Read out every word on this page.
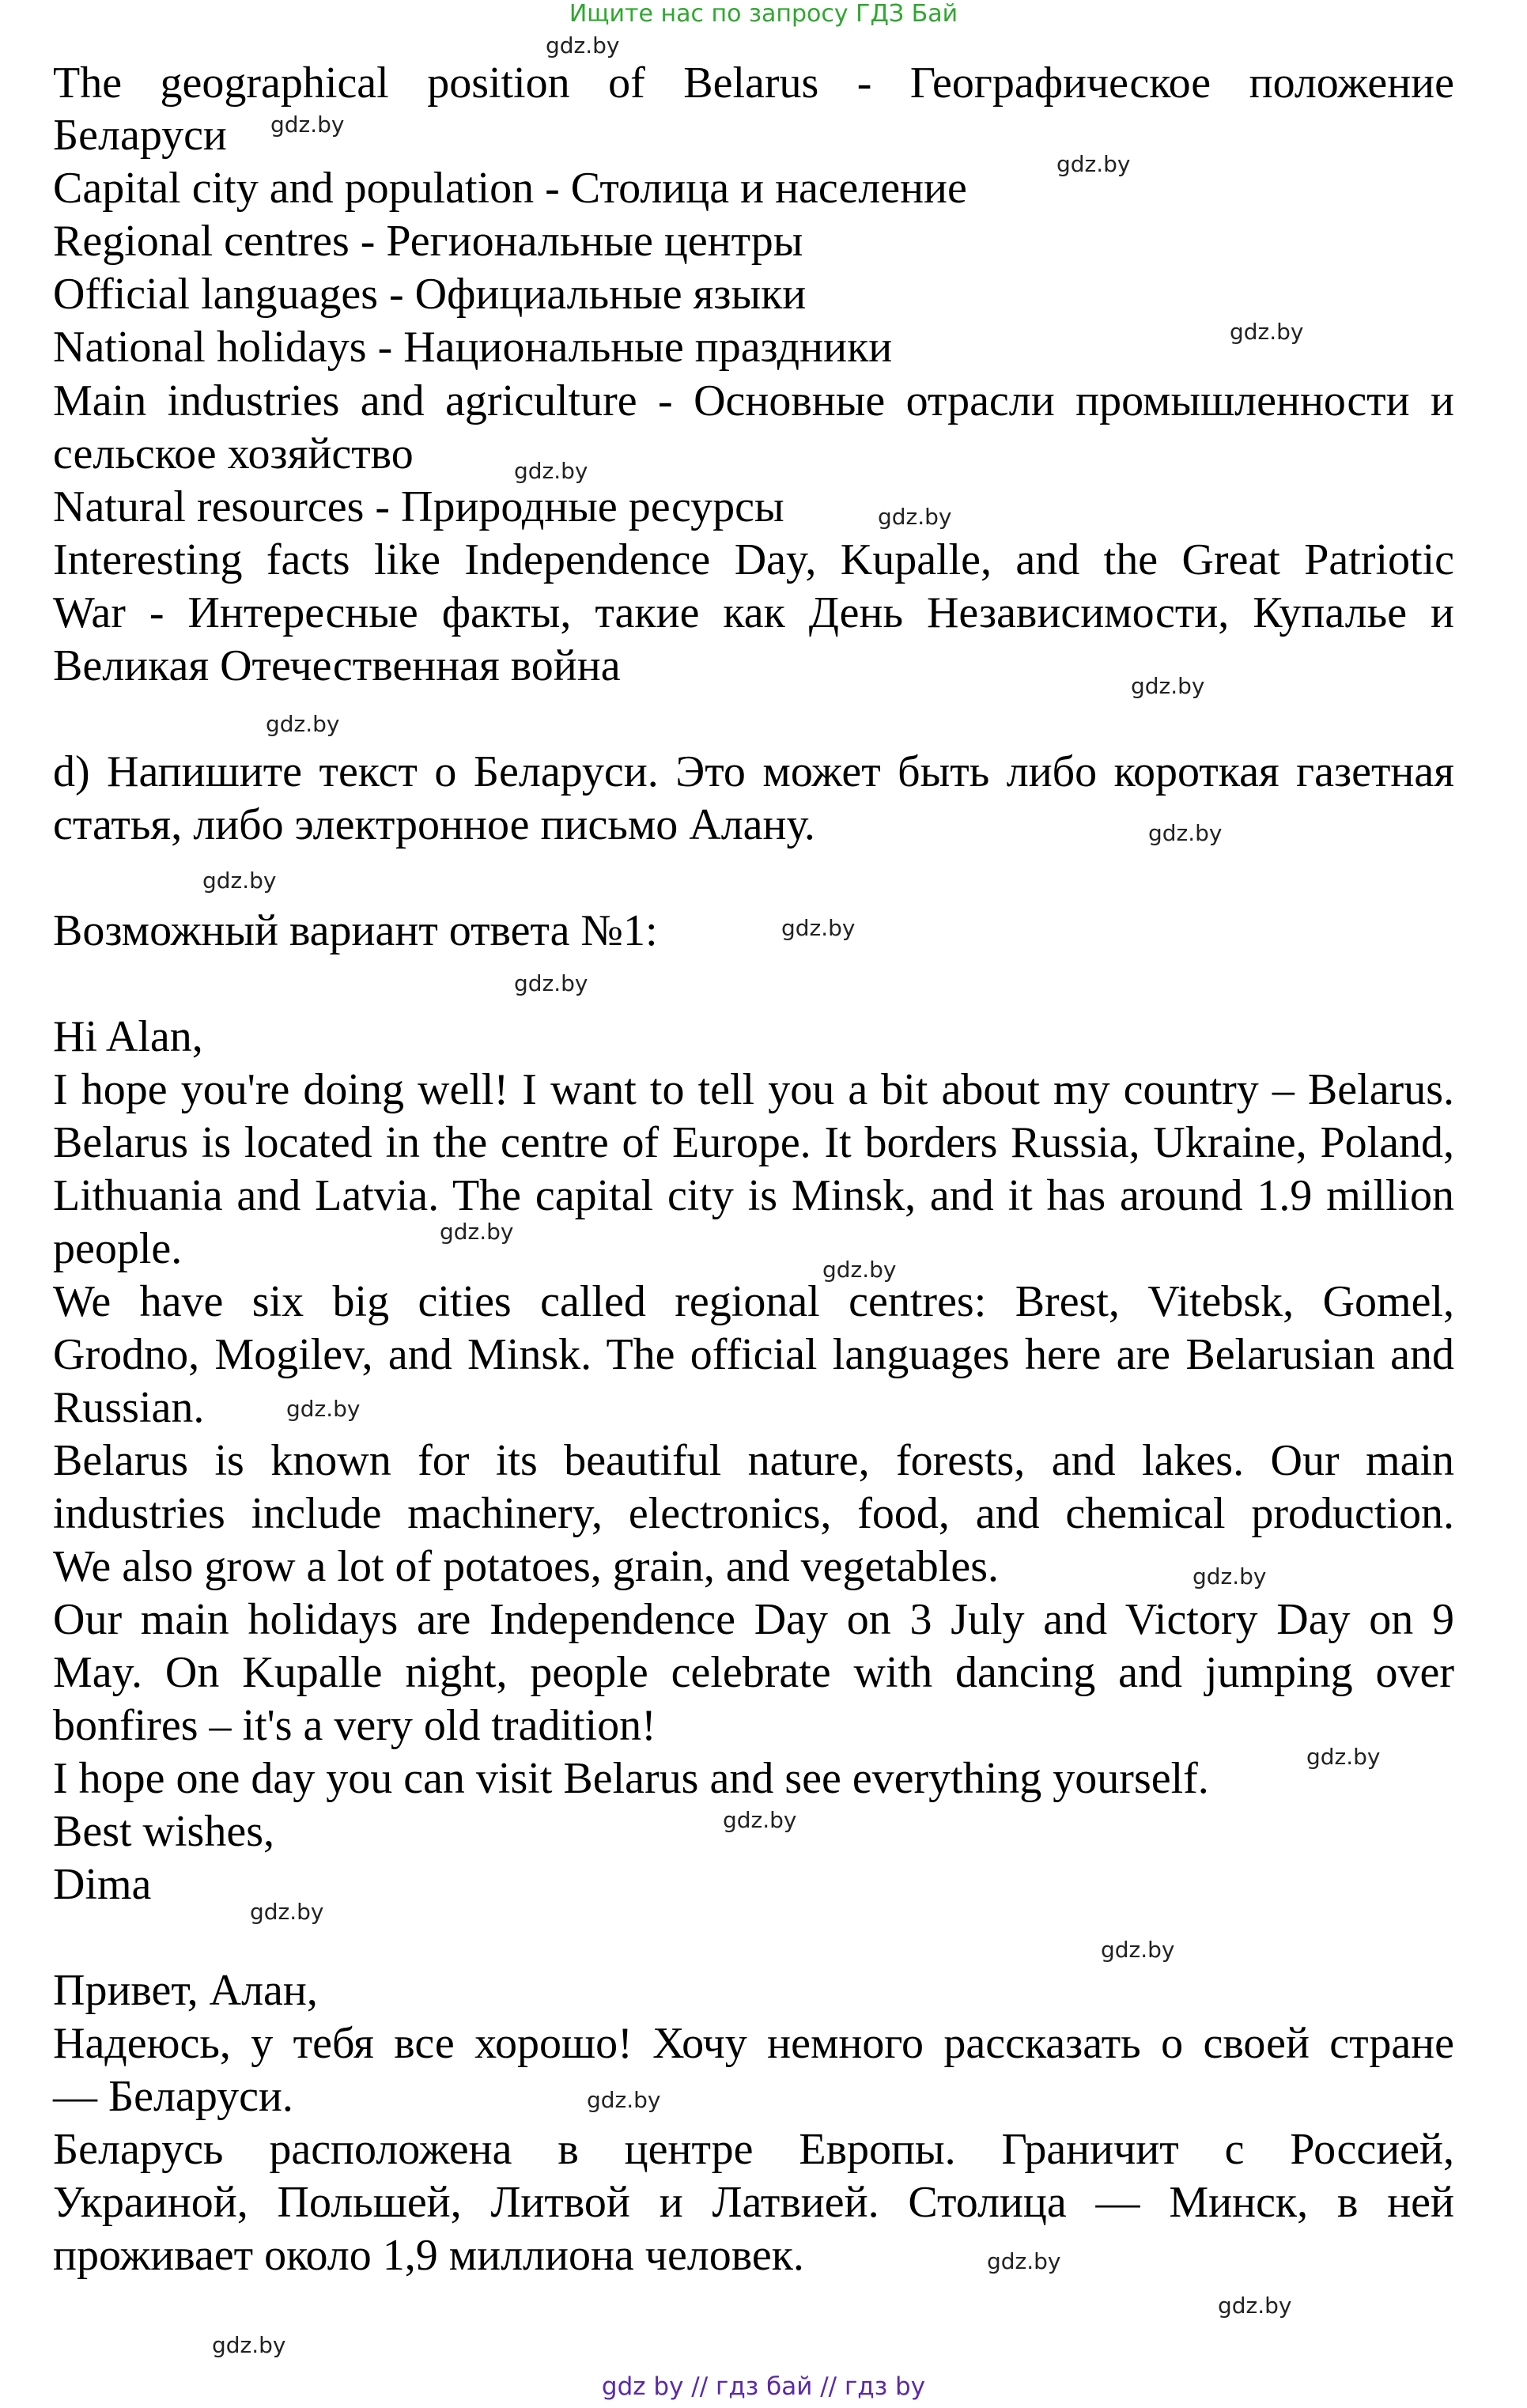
Ищите нас по запросу ГДЗ Бай
The geographical position of Belarus - Географическое положение
Беларуси
Capital city and population - Столица и население
Regional centres - Региональные центры
Official languages - Официальные языки
National holidays - Национальные праздники
Main industries and agriculture - Основные отрасли промышленности и
сельское хозяйство
Natural resources - Природные ресурсы
Interesting facts like Independence Day, Kupalle, and the Great Patriotic
War - Интересные факты, такие как День Независимости, Купалье и
Великая Отечественная война
d) Напишите текст о Беларуси. Это может быть либо короткая газетная
статья, либо электронное письмо Алану.
Возможный вариант ответа №1:
Hi Alan,
I hope you're doing well! I want to tell you a bit about my country – Belarus.
Belarus is located in the centre of Europe. It borders Russia, Ukraine, Poland,
Lithuania and Latvia. The capital city is Minsk, and it has around 1.9 million
people.
We have six big cities called regional centres: Brest, Vitebsk, Gomel,
Grodno, Mogilev, and Minsk. The official languages here are Belarusian and
Russian.
Belarus is known for its beautiful nature, forests, and lakes. Our main
industries include machinery, electronics, food, and chemical production.
We also grow a lot of potatoes, grain, and vegetables.
Our main holidays are Independence Day on 3 July and Victory Day on 9
May. On Kupalle night, people celebrate with dancing and jumping over
bonfires – it's a very old tradition!
I hope one day you can visit Belarus and see everything yourself.
Best wishes,
Dima
Привет, Алан,
Надеюсь, у тебя все хорошо! Хочу немного рассказать о своей стране
— Беларуси.
Беларусь расположена в центре Европы. Граничит с Россией,
Украиной, Польшей, Литвой и Латвией. Столица — Минск, в ней
проживает около 1,9 миллиона человек.
gdz.by
gdz.by
gdz.by
gdz.by
gdz.by
gdz.by
gdz.by
gdz.by
gdz.by
gdz.by
gdz.by
gdz.by
gdz.by
gdz.by
gdz.by
gdz.by
gdz.by
gdz.by
gdz.by
gdz.by
gdz.by
gdz.by
gdz.by
gdz.by
gdz by // гдз бай // гдз by
